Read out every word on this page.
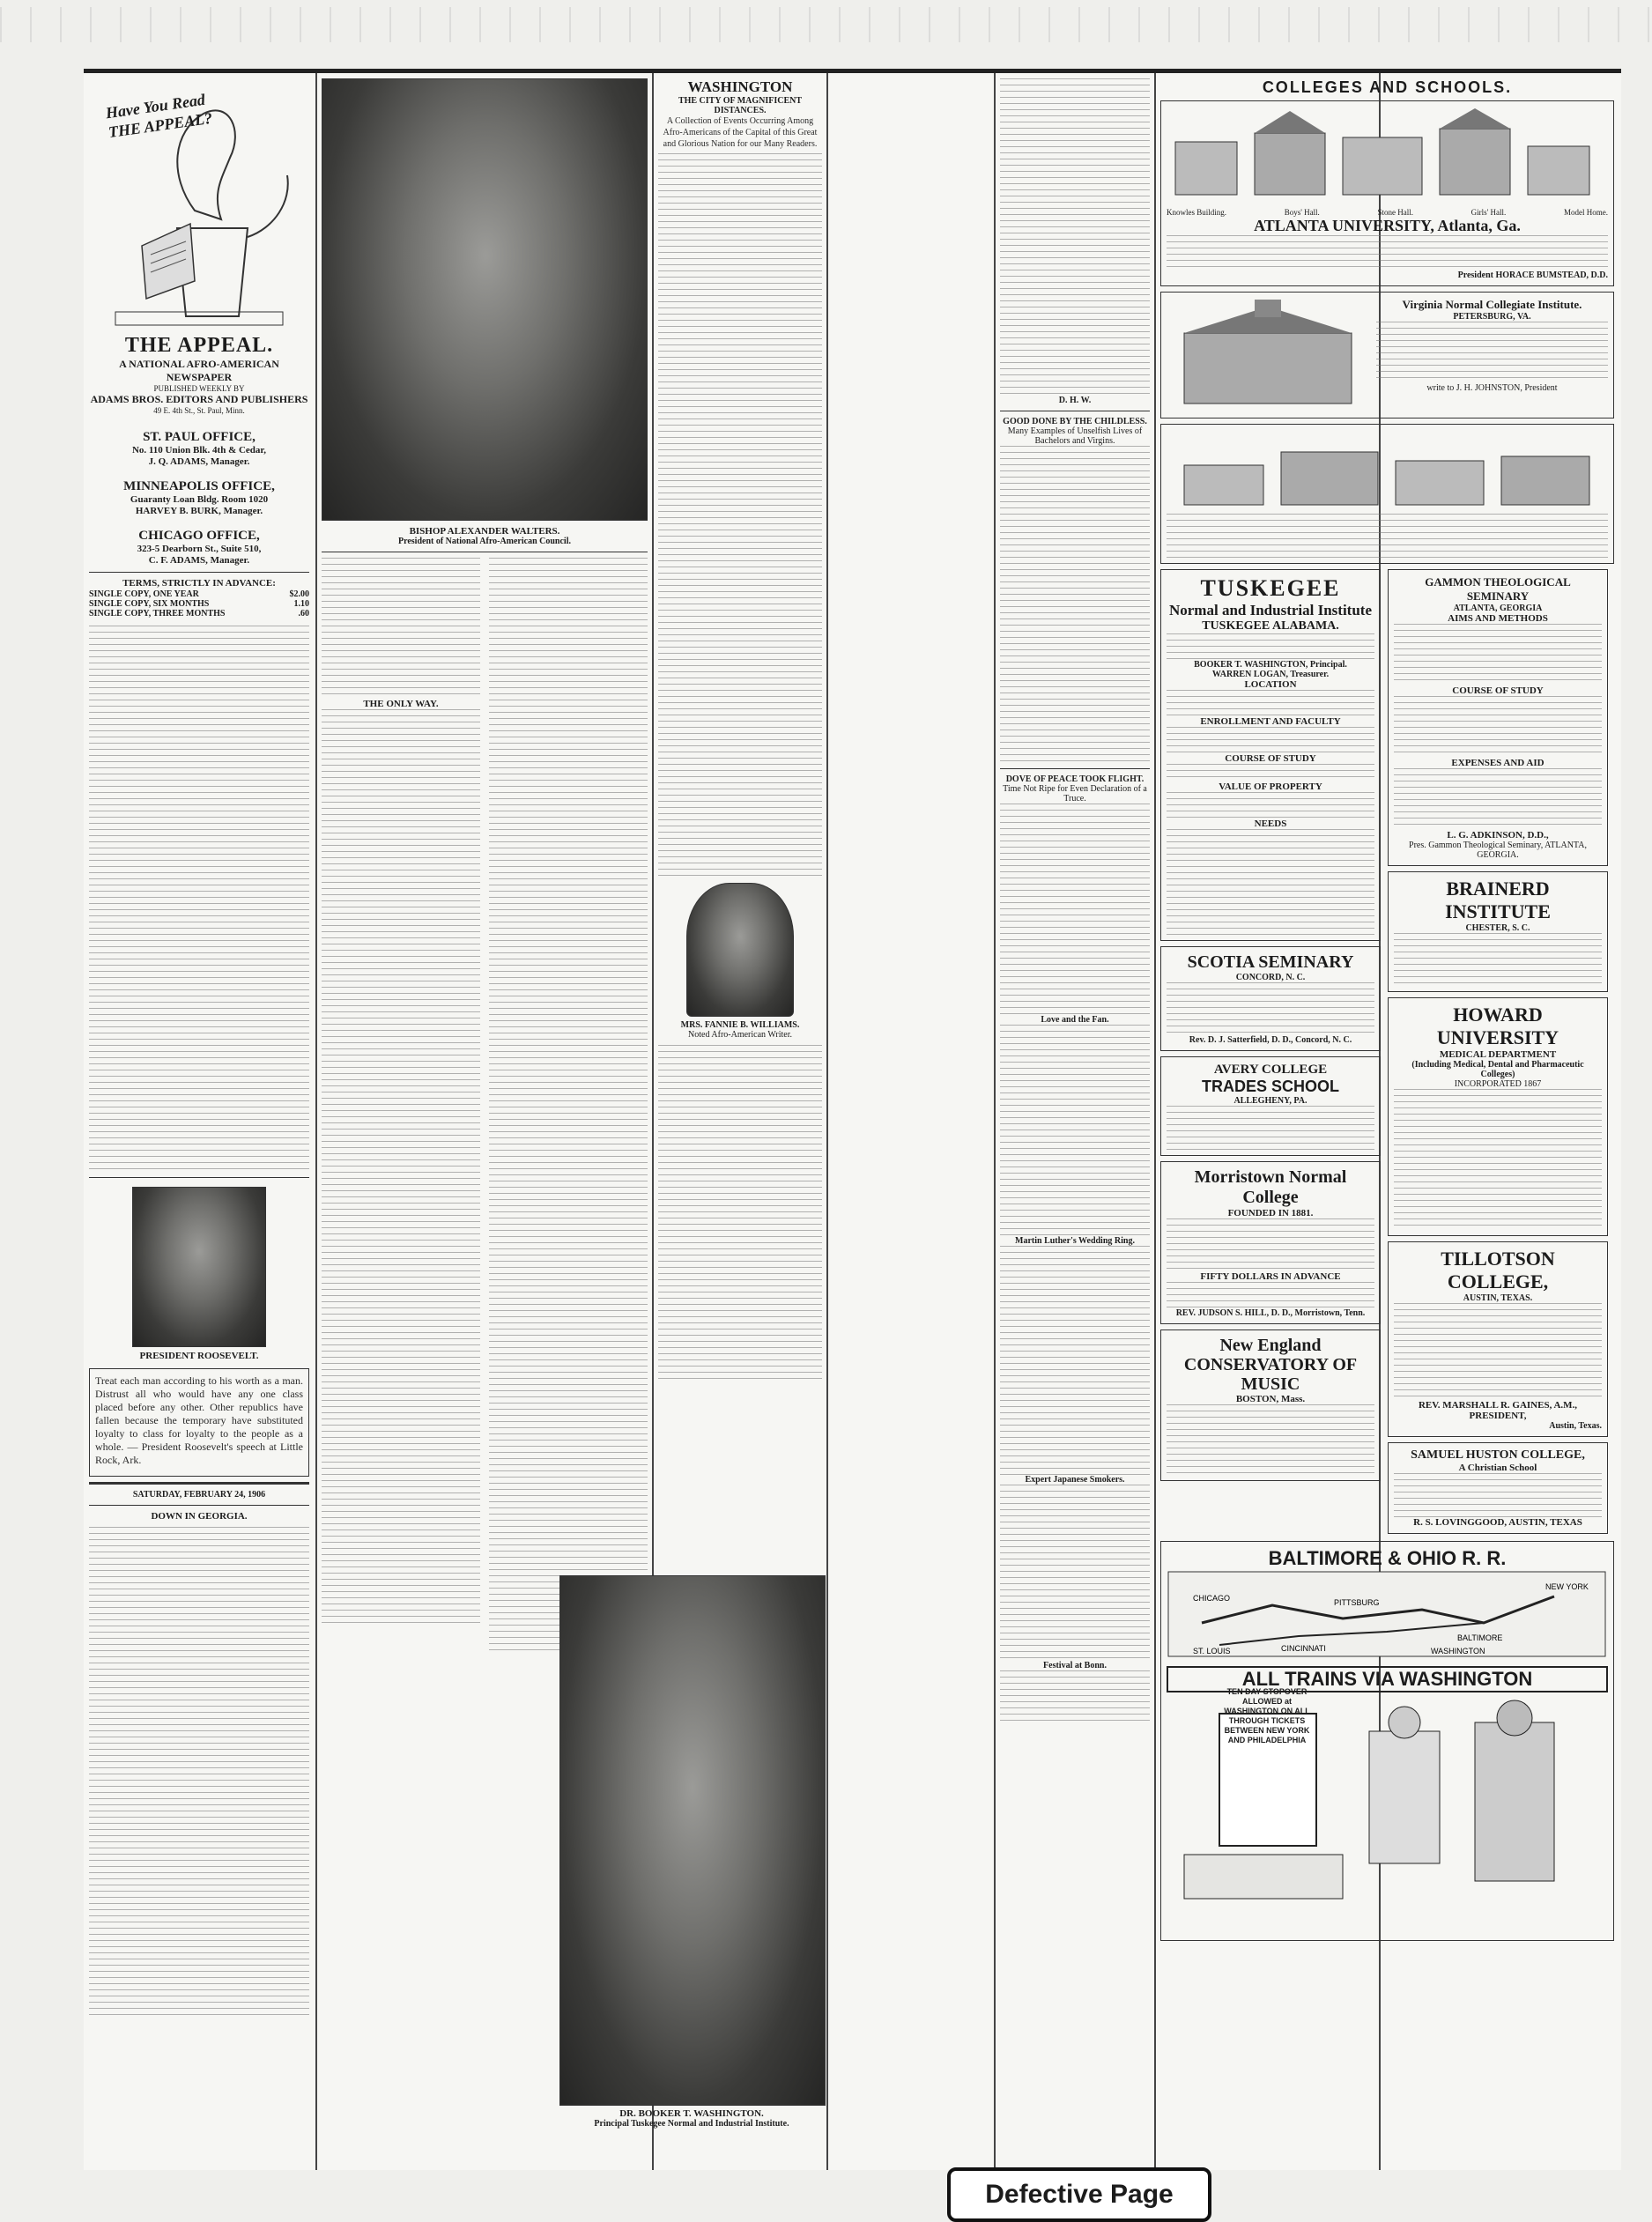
Have You Read THE APPEAL?
THE APPEAL.
A NATIONAL AFRO-AMERICAN NEWSPAPER
PUBLISHED WEEKLY BY
ADAMS BROS. EDITORS AND PUBLISHERS
49 E. 4th St., St. Paul, Minn.
ST. PAUL OFFICE,
No. 110 Union Blk. 4th & Cedar,
J. Q. ADAMS, Manager.
MINNEAPOLIS OFFICE,
Guaranty Loan Bldg. Room 1020
HARVEY B. BURK, Manager.
CHICAGO OFFICE,
323-5 Dearborn St., Suite 510,
C. F. ADAMS, Manager.
TERMS, STRICTLY IN ADVANCE:
SINGLE COPY, ONE YEAR	$2.00
SINGLE COPY, SIX MONTHS	1.10
SINGLE COPY, THREE MONTHS	.60
PRESIDENT ROOSEVELT.
Treat each man according to his worth as a man. Distrust all who would have any one class placed before any other. Other republics have fallen because the temporary have substituted loyalty to class for loyalty to the people as a whole. — President Roosevelt's speech at Little Rock, Ark.
SATURDAY, FEBRUARY 24, 1906
DOWN IN GEORGIA.
BISHOP ALEXANDER WALTERS.
President of National Afro-American Council.
THE ONLY WAY.
WASHINGTON
THE CITY OF MAGNIFICENT DISTANCES.
A Collection of Events Occurring Among Afro-Americans of the Capital of this Great and Glorious Nation for our Many Readers.
MRS. FANNIE B. WILLIAMS.
Noted Afro-American Writer.
DR. BOOKER T. WASHINGTON.
Principal Tuskegee Normal and Industrial Institute.
D. H. W.
GOOD DONE BY THE CHILDLESS.
Many Examples of Unselfish Lives of Bachelors and Virgins.
DOVE OF PEACE TOOK FLIGHT.
Time Not Ripe for Even Declaration of a Truce.
Love and the Fan.
Martin Luther's Wedding Ring.
Expert Japanese Smokers.
Festival at Bonn.
COLLEGES AND SCHOOLS.
Knowles Building.	Boys' Hall.	Stone Hall.	Girls' Hall.	Model Home.
ATLANTA UNIVERSITY, Atlanta, Ga.
President HORACE BUMSTEAD, D.D.
Virginia Normal Collegiate Institute.
PETERSBURG, VA.
write to J. H. JOHNSTON, President
TUSKEGEE
Normal and Industrial Institute
TUSKEGEE ALABAMA.
BOOKER T. WASHINGTON, Principal.
WARREN LOGAN, Treasurer.
LOCATION
ENROLLMENT AND FACULTY
COURSE OF STUDY
VALUE OF PROPERTY
NEEDS
SCOTIA SEMINARY
CONCORD, N. C.
Rev. D. J. Satterfield, D. D., Concord, N. C.
AVERY COLLEGE
TRADES SCHOOL
ALLEGHENY, PA.
Morristown Normal College
FOUNDED IN 1881.
FIFTY DOLLARS IN ADVANCE
REV. JUDSON S. HILL, D. D., Morristown, Tenn.
New England CONSERVATORY OF MUSIC
BOSTON, Mass.
GAMMON THEOLOGICAL SEMINARY
ATLANTA, GEORGIA
AIMS AND METHODS
COURSE OF STUDY
EXPENSES AND AID
L. G. ADKINSON, D.D.,
Pres. Gammon Theological Seminary, ATLANTA, GEORGIA.
BRAINERD INSTITUTE
CHESTER, S. C.
HOWARD UNIVERSITY
MEDICAL DEPARTMENT
(Including Medical, Dental and Pharmaceutic Colleges)
INCORPORATED 1867
TILLOTSON COLLEGE,
AUSTIN, TEXAS.
REV. MARSHALL R. GAINES, A.M., PRESIDENT,
Austin, Texas.
SAMUEL HUSTON COLLEGE,
A Christian School
R. S. LOVINGGOOD, AUSTIN, TEXAS
BALTIMORE & OHIO R. R.
CHICAGO	PITTSBURG
BALTIMORE
NEW YORK
ST. LOUIS	CINCINNATI	WASHINGTON
ALL TRAINS VIA WASHINGTON
TEN DAY STOPOVER ALLOWED at WASHINGTON ON ALL THROUGH TICKETS BETWEEN NEW YORK AND PHILADELPHIA
Defective Page
